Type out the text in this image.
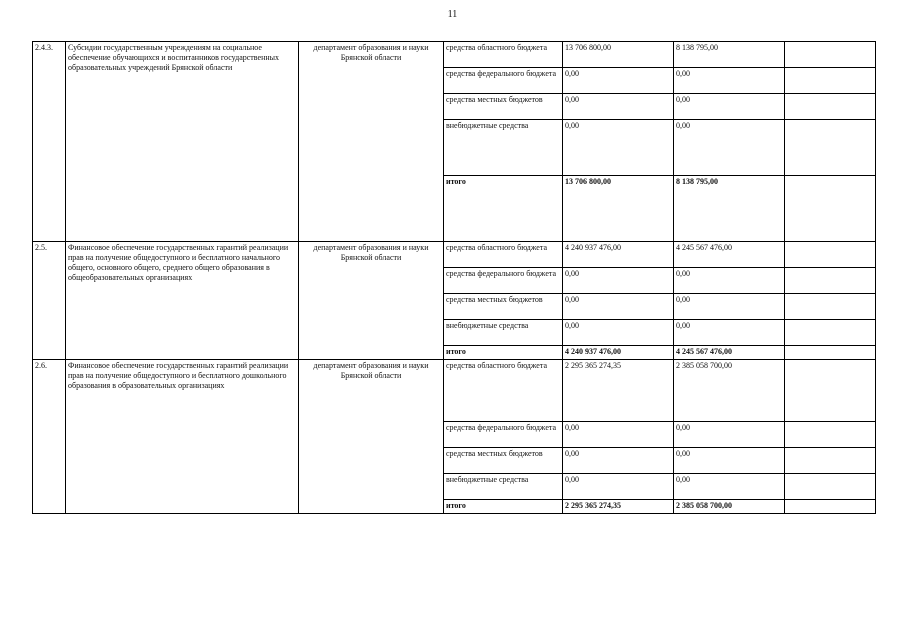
11
2.4.3.	Субсидии государственным учреждениям на социальное обеспечение обучающихся и воспитанников государственных образовательных учреждений Брянской области	департамент образования и науки Брянской области	средства областного бюджета	13 706 800,00	8 138 795,00	
			средства федерального бюджета	0,00	0,00	
			средства местных бюджетов	0,00	0,00	
			внебюджетные средства	0,00	0,00	
			итого	13 706 800,00	8 138 795,00	
2.5.	Финансовое обеспечение государственных гарантий реализации прав на получение общедоступного и бесплатного начального общего, основного общего, среднего общего образования в общеобразовательных организациях	департамент образования и науки Брянской области	средства областного бюджета	4 240 937 476,00	4 245 567 476,00	
			средства федерального бюджета	0,00	0,00	
			средства местных бюджетов	0,00	0,00	
			внебюджетные средства	0,00	0,00	
			итого	4 240 937 476,00	4 245 567 476,00	
2.6.	Финансовое обеспечение государственных гарантий реализации прав на получение общедоступного и бесплатного дошкольного образования в образовательных организациях	департамент образования и науки Брянской области	средства областного бюджета	2 295 365 274,35	2 385 058 700,00	
			средства федерального бюджета	0,00	0,00	
			средства местных бюджетов	0,00	0,00	
			внебюджетные средства	0,00	0,00	
			итого	2 295 365 274,35	2 385 058 700,00	
